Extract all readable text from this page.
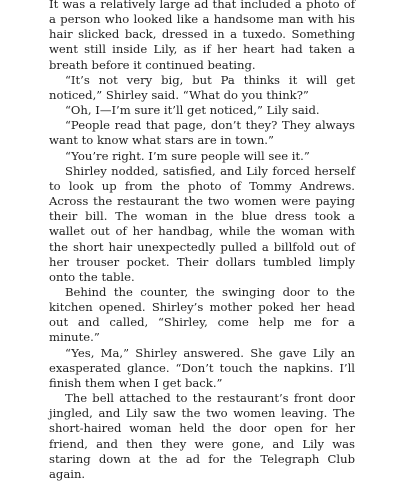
It was a relatively large ad that included a photo of a person who looked like a handsome man with his hair slicked back, dressed in a tuxedo. Something went still inside Lily, as if her heart had taken a breath before it continued beating.

“It’s not very big, but Pa thinks it will get noticed,” Shirley said. “What do you think?”

“Oh, I—I’m sure it’ll get noticed,” Lily said.

“People read that page, don’t they? They always want to know what stars are in town.”

“You’re right. I’m sure people will see it.”

Shirley nodded, satisfied, and Lily forced herself to look up from the photo of Tommy Andrews. Across the restaurant the two women were paying their bill. The woman in the blue dress took a wallet out of her handbag, while the woman with the short hair unexpectedly pulled a billfold out of her trouser pocket. Their dollars tumbled limply onto the table.

Behind the counter, the swinging door to the kitchen opened. Shirley’s mother poked her head out and called, “Shirley, come help me for a minute.”

“Yes, Ma,” Shirley answered. She gave Lily an exasperated glance. “Don’t touch the napkins. I’ll finish them when I get back.”

The bell attached to the restaurant’s front door jingled, and Lily saw the two women leaving. The short-haired woman held the door open for her friend, and then they were gone, and Lily was staring down at the ad for the Telegraph Club again.
